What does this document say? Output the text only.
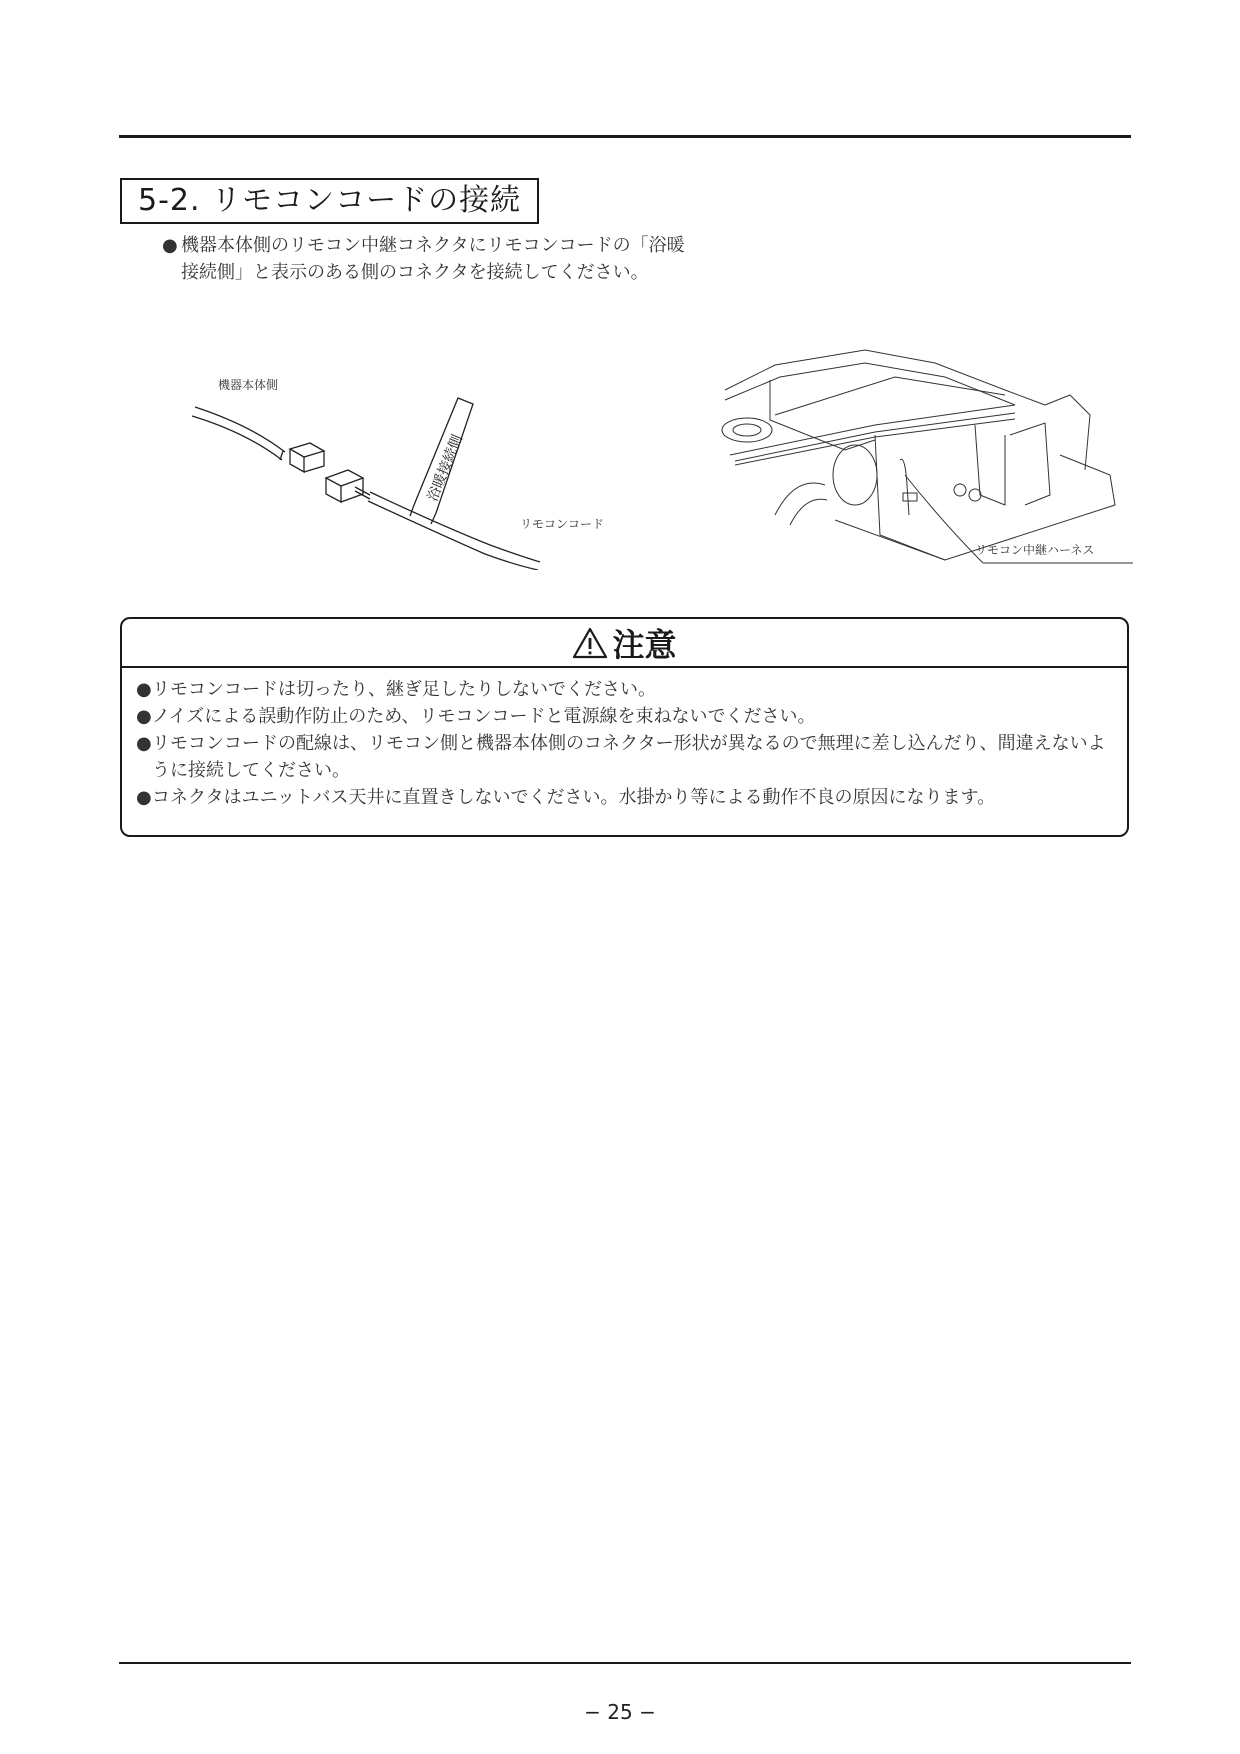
5-2. リモコンコードの接続
● 機器本体側のリモコン中継コネクタにリモコンコードの「浴暖接続側」と表示のある側のコネクタを接続してください。
機器本体側
浴暖接続側
リモコンコード
リモコン中継ハーネス
注意
● リモコンコードは切ったり、継ぎ足したりしないでください。
● ノイズによる誤動作防止のため、リモコンコードと電源線を束ねないでください。
● リモコンコードの配線は、リモコン側と機器本体側のコネクター形状が異なるので無理に差し込んだり、間違えないように接続してください。
● コネクタはユニットバス天井に直置きしないでください。水掛かり等による動作不良の原因になります。
− 25 −
